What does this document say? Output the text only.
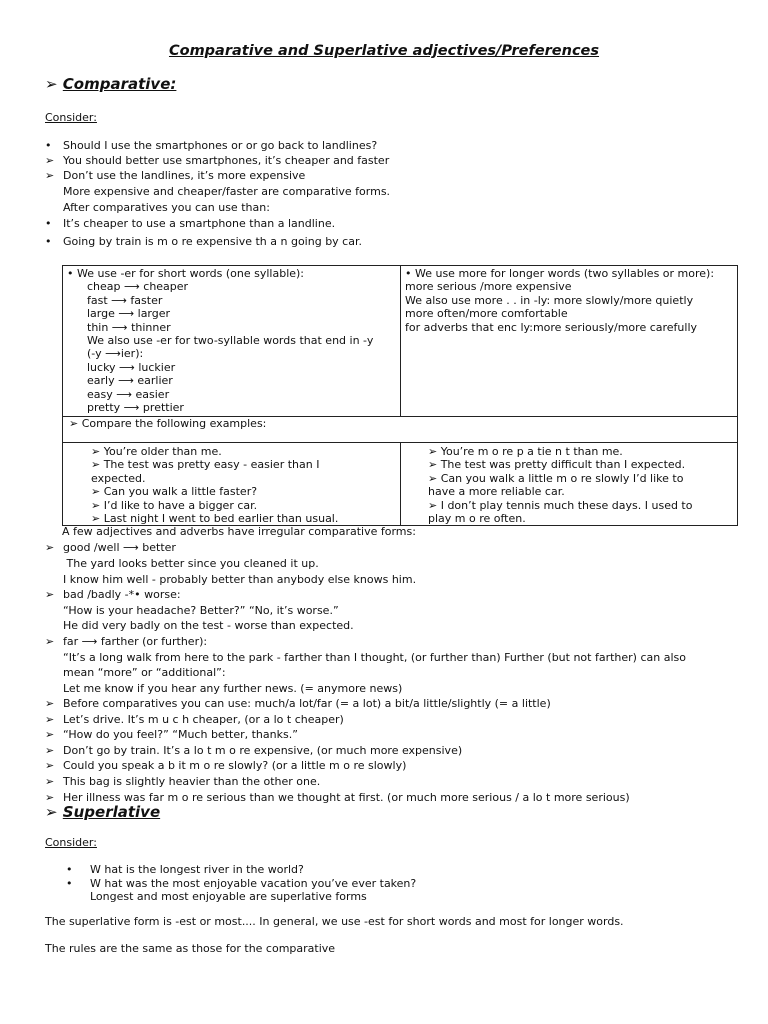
Comparative and Superlative adjectives/Preferences
➢ Comparative:
Consider:
• Should I use the smartphones or or go back to landlines?
➢ You should better use smartphones, it’s cheaper and faster
➢ Don’t use the landlines, it’s more expensive
More expensive and cheaper/faster are comparative forms.
After comparatives you can use than:
• It’s cheaper to use a smartphone than a landline.
• Going by train is m o re expensive th a n going by car.
• We use -er for short words (one syllable):
cheap ⟶ cheaper
fast ⟶ faster
large ⟶ larger
thin ⟶ thinner
We also use -er for two-syllable words that end in -y
(-y ⟶ier):
lucky ⟶ luckier
early ⟶ earlier
easy ⟶ easier
pretty ⟶ prettier
• We use more for longer words (two syllables or more):
more serious /more expensive
We also use more . . in -ly: more slowly/more quietly
more often/more comfortable
for adverbs that enc ly:more seriously/more carefully
➢ Compare the following examples:
➢ You’re older than me.
➢ The test was pretty easy - easier than I
expected.
➢ Can you walk a little faster?
➢ I’d like to have a bigger car.
➢ Last night I went to bed earlier than usual.
➢ You’re m o re p a tie n t than me.
➢ The test was pretty difficult than I expected.
➢ Can you walk a little m o re slowly I’d like to
have a more reliable car.
➢ I don’t play tennis much these days. I used to
play m o re often.
A few adjectives and adverbs have irregular comparative forms:
➢ good /well ⟶ better
The yard looks better since you cleaned it up.
I know him well - probably better than anybody else knows him.
➢ bad /badly -*• worse:
“How is your headache? Better?” “No, it’s worse.”
He did very badly on the test - worse than expected.
➢ far ⟶ farther (or further):
“It’s a long walk from here to the park - farther than I thought, (or further than) Further (but not farther) can also
mean “more” or “additional”:
Let me know if you hear any further news. (= anymore news)
➢ Before comparatives you can use: much/a lot/far (= a lot) a bit/a little/slightly (= a little)
➢ Let’s drive. It’s m u c h cheaper, (or a lo t cheaper)
➢ “How do you feel?” “Much better, thanks.”
➢ Don’t go by train. It’s a lo t m o re expensive, (or much more expensive)
➢ Could you speak a b it m o re slowly? (or a little m o re slowly)
➢ This bag is slightly heavier than the other one.
➢ Her illness was far m o re serious than we thought at first. (or much more serious / a lo t more serious)
➢ Superlative
Consider:
• W hat is the longest river in the world?
• W hat was the most enjoyable vacation you’ve ever taken?
Longest and most enjoyable are superlative forms
The superlative form is -est or most.... In general, we use -est for short words and most for longer words.
The rules are the same as those for the comparative
